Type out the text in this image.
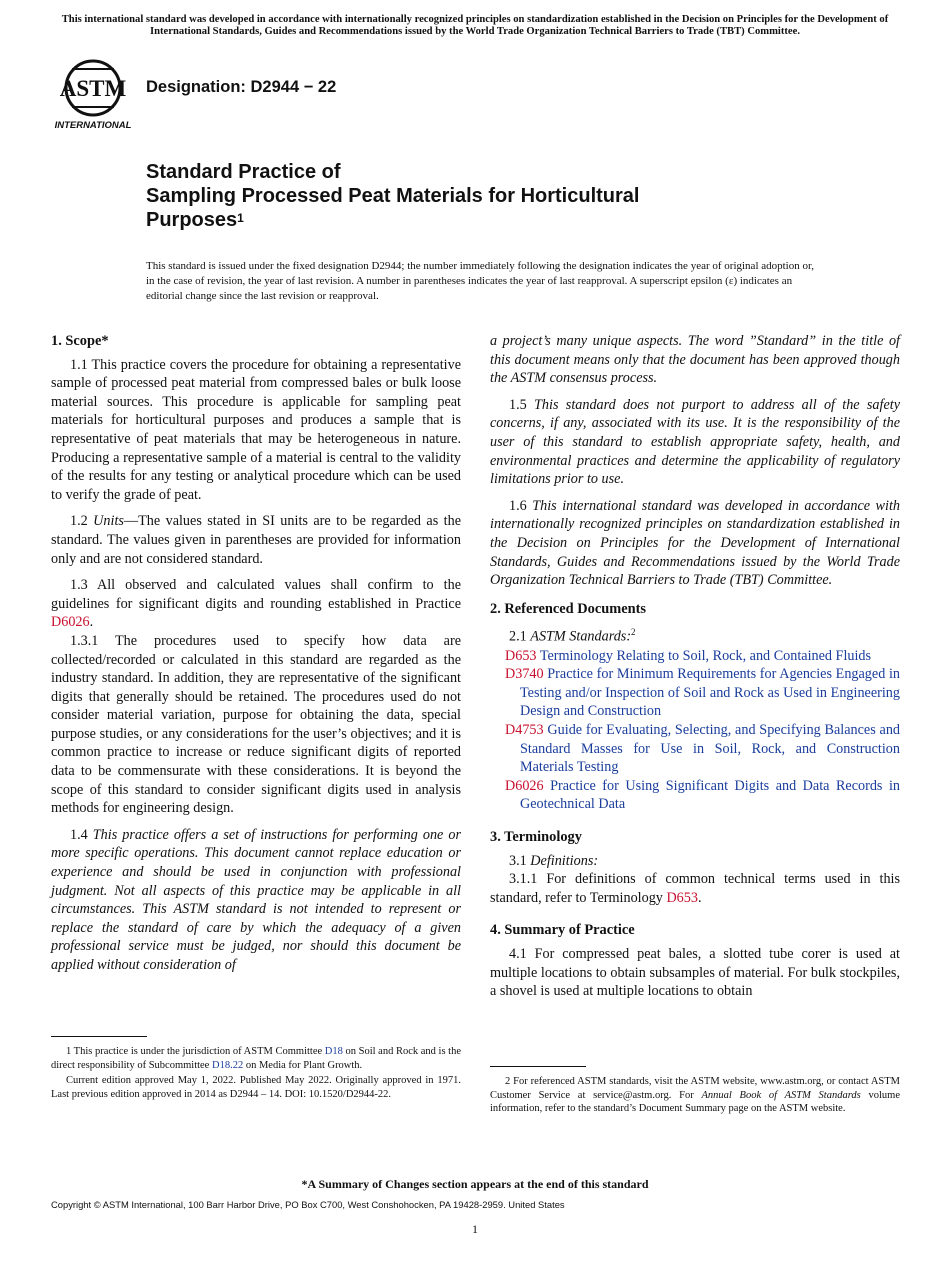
This international standard was developed in accordance with internationally recognized principles on standardization established in the Decision on Principles for the Development of International Standards, Guides and Recommendations issued by the World Trade Organization Technical Barriers to Trade (TBT) Committee.
ASTM
INTERNATIONAL
Designation: D2944 − 22
Standard Practice of
Sampling Processed Peat Materials for Horticultural
Purposes$^1$
This standard is issued under the fixed designation D2944; the number immediately following the designation indicates the year of original adoption or, in the case of revision, the year of last revision. A number in parentheses indicates the year of last reapproval. A superscript epsilon (ε) indicates an editorial change since the last revision or reapproval.
1. Scope*

1.1 This practice covers the procedure for obtaining a representative sample of processed peat material from compressed bales or bulk loose material sources. This procedure is applicable for sampling peat materials for horticultural purposes and produces a sample that is representative of peat materials that may be heterogeneous in nature. Producing a representative sample of a material is central to the validity of the results for any testing or analytical procedure which can be used to verify the grade of peat.

1.2 Units—The values stated in SI units are to be regarded as the standard. The values given in parentheses are provided for information only and are not considered standard.

1.3 All observed and calculated values shall confirm to the guidelines for significant digits and rounding established in Practice D6026.

1.3.1 The procedures used to specify how data are collected/recorded or calculated in this standard are regarded as the industry standard. In addition, they are representative of the significant digits that generally should be retained. The procedures used do not consider material variation, purpose for obtaining the data, special purpose studies, or any considerations for the user’s objectives; and it is common practice to increase or reduce significant digits of reported data to be commensurate with these considerations. It is beyond the scope of this standard to consider significant digits used in analysis methods for engineering design.

1.4 This practice offers a set of instructions for performing one or more specific operations. This document cannot replace education or experience and should be used in conjunction with professional judgment. Not all aspects of this practice may be applicable in all circumstances. This ASTM standard is not intended to represent or replace the standard of care by which the adequacy of a given professional service must be judged, nor should this document be applied without consideration of

1 This practice is under the jurisdiction of ASTM Committee D18 on Soil and Rock and is the direct responsibility of Subcommittee D18.22 on Media for Plant Growth.

Current edition approved May 1, 2022. Published May 2022. Originally approved in 1971. Last previous edition approved in 2014 as D2944 – 14. DOI: 10.1520/D2944-22.

a project’s many unique aspects. The word ”Standard” in the title of this document means only that the document has been approved though the ASTM consensus process.

1.5 This standard does not purport to address all of the safety concerns, if any, associated with its use. It is the responsibility of the user of this standard to establish appropriate safety, health, and environmental practices and determine the applicability of regulatory limitations prior to use.

1.6 This international standard was developed in accordance with internationally recognized principles on standardization established in the Decision on Principles for the Development of International Standards, Guides and Recommendations issued by the World Trade Organization Technical Barriers to Trade (TBT) Committee.

2. Referenced Documents

2.1 ASTM Standards:$^2$

D653 Terminology Relating to Soil, Rock, and Contained Fluids
D3740 Practice for Minimum Requirements for Agencies Engaged in Testing and/or Inspection of Soil and Rock as Used in Engineering Design and Construction
D4753 Guide for Evaluating, Selecting, and Specifying Balances and Standard Masses for Use in Soil, Rock, and Construction Materials Testing
D6026 Practice for Using Significant Digits and Data Records in Geotechnical Data
3. Terminology

3.1 Definitions:

3.1.1 For definitions of common technical terms used in this standard, refer to Terminology D653.

4. Summary of Practice

4.1 For compressed peat bales, a slotted tube corer is used at multiple locations to obtain subsamples of material. For bulk stockpiles, a shovel is used at multiple locations to obtain

2 For referenced ASTM standards, visit the ASTM website, www.astm.org, or contact ASTM Customer Service at service@astm.org. For Annual Book of ASTM Standards volume information, refer to the standard’s Document Summary page on the ASTM website.

*A Summary of Changes section appears at the end of this standard
Copyright © ASTM International, 100 Barr Harbor Drive, PO Box C700, West Conshohocken, PA 19428-2959. United States
1
